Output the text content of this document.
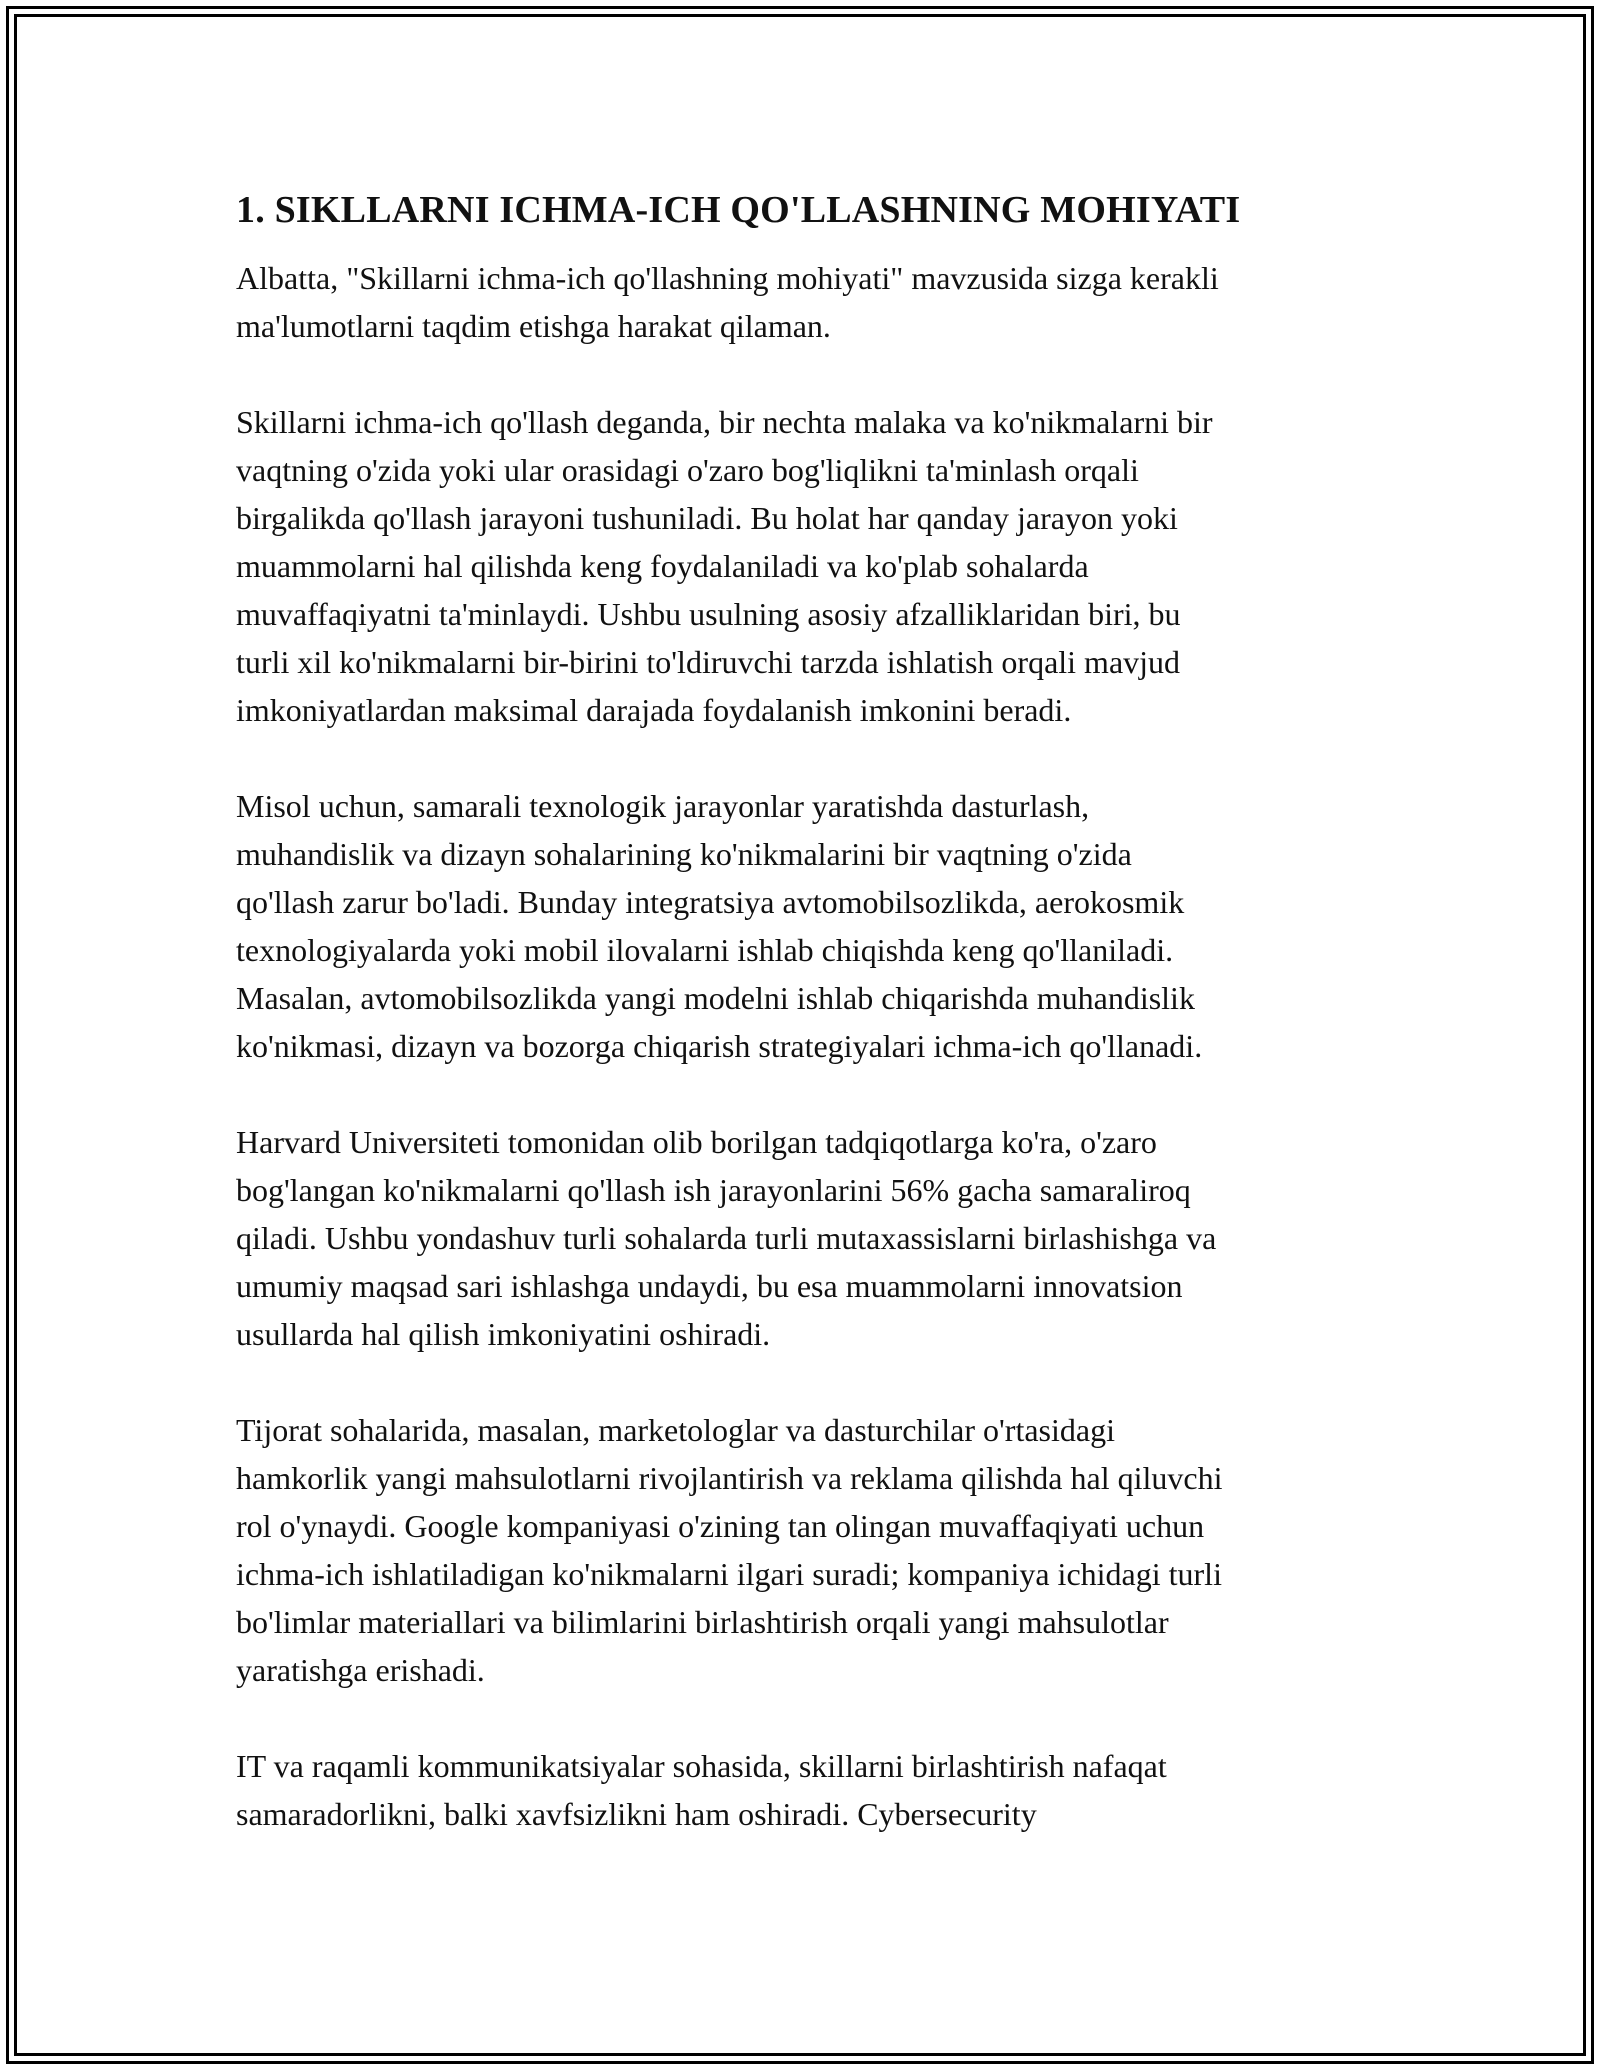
1. SIKLLARNI ICHMA-ICH QO'LLASHNING MOHIYATI

Albatta, "Skillarni ichma-ich qo'llashning mohiyati" mavzusida sizga kerakli
ma'lumotlarni taqdim etishga harakat qilaman.

Skillarni ichma-ich qo'llash deganda, bir nechta malaka va ko'nikmalarni bir
vaqtning o'zida yoki ular orasidagi o'zaro bog'liqlikni ta'minlash orqali
birgalikda qo'llash jarayoni tushuniladi. Bu holat har qanday jarayon yoki
muammolarni hal qilishda keng foydalaniladi va ko'plab sohalarda
muvaffaqiyatni ta'minlaydi. Ushbu usulning asosiy afzalliklaridan biri, bu
turli xil ko'nikmalarni bir-birini to'ldiruvchi tarzda ishlatish orqali mavjud
imkoniyatlardan maksimal darajada foydalanish imkonini beradi.

Misol uchun, samarali texnologik jarayonlar yaratishda dasturlash,
muhandislik va dizayn sohalarining ko'nikmalarini bir vaqtning o'zida
qo'llash zarur bo'ladi. Bunday integratsiya avtomobilsozlikda, aerokosmik
texnologiyalarda yoki mobil ilovalarni ishlab chiqishda keng qo'llaniladi.
Masalan, avtomobilsozlikda yangi modelni ishlab chiqarishda muhandislik
ko'nikmasi, dizayn va bozorga chiqarish strategiyalari ichma-ich qo'llanadi.

Harvard Universiteti tomonidan olib borilgan tadqiqotlarga ko'ra, o'zaro
bog'langan ko'nikmalarni qo'llash ish jarayonlarini 56% gacha samaraliroq
qiladi. Ushbu yondashuv turli sohalarda turli mutaxassislarni birlashishga va
umumiy maqsad sari ishlashga undaydi, bu esa muammolarni innovatsion
usullarda hal qilish imkoniyatini oshiradi.

Tijorat sohalarida, masalan, marketologlar va dasturchilar o'rtasidagi
hamkorlik yangi mahsulotlarni rivojlantirish va reklama qilishda hal qiluvchi
rol o'ynaydi. Google kompaniyasi o'zining tan olingan muvaffaqiyati uchun
ichma-ich ishlatiladigan ko'nikmalarni ilgari suradi; kompaniya ichidagi turli
bo'limlar materiallari va bilimlarini birlashtirish orqali yangi mahsulotlar
yaratishga erishadi.

IT va raqamli kommunikatsiyalar sohasida, skillarni birlashtirish nafaqat
samaradorlikni, balki xavfsizlikni ham oshiradi. Cybersecurity
